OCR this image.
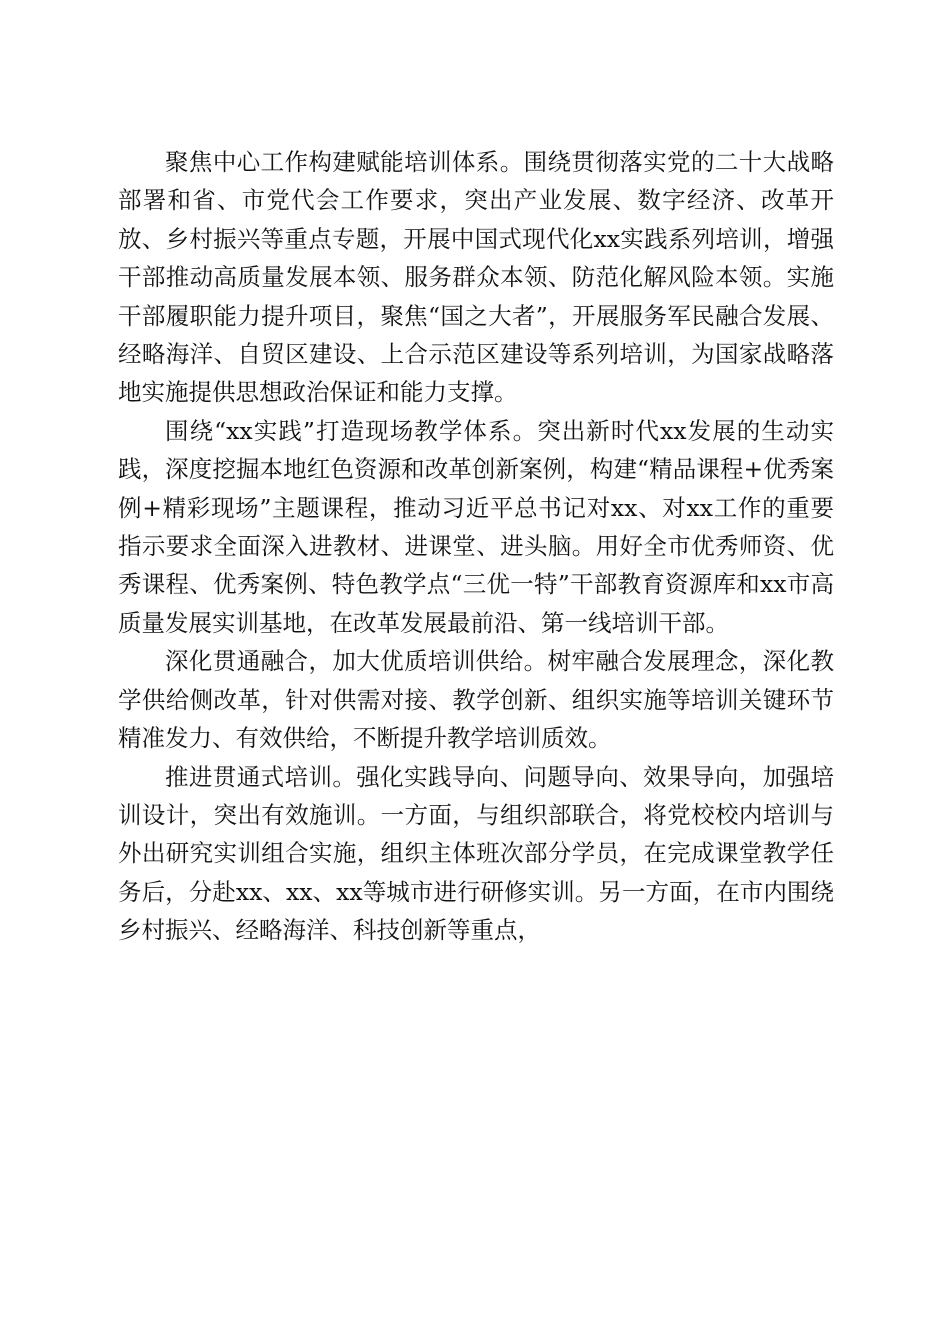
聚焦中心工作构建赋能培训体系。围绕贯彻落实党的二十大战略部署和省、市党代会工作要求，突出产业发展、数字经济、改革开放、乡村振兴等重点专题，开展中国式现代化xx实践系列培训，增强干部推动高质量发展本领、服务群众本领、防范化解风险本领。实施干部履职能力提升项目，聚焦“国之大者”，开展服务军民融合发展、经略海洋、自贸区建设、上合示范区建设等系列培训，为国家战略落地实施提供思想政治保证和能力支撑。

围绕“xx实践”打造现场教学体系。突出新时代xx发展的生动实践，深度挖掘本地红色资源和改革创新案例，构建“精品课程+优秀案例+精彩现场”主题课程，推动习近平总书记对xx、对xx工作的重要指示要求全面深入进教材、进课堂、进头脑。用好全市优秀师资、优秀课程、优秀案例、特色教学点“三优一特”干部教育资源库和xx市高质量发展实训基地，在改革发展最前沿、第一线培训干部。

深化贯通融合，加大优质培训供给。树牢融合发展理念，深化教学供给侧改革，针对供需对接、教学创新、组织实施等培训关键环节精准发力、有效供给，不断提升教学培训质效。

推进贯通式培训。强化实践导向、问题导向、效果导向，加强培训设计，突出有效施训。一方面，与组织部联合，将党校校内培训与外出研究实训组合实施，组织主体班次部分学员，在完成课堂教学任务后，分赴xx、xx、xx等城市进行研修实训。另一方面，在市内围绕乡村振兴、经略海洋、科技创新等重点，
